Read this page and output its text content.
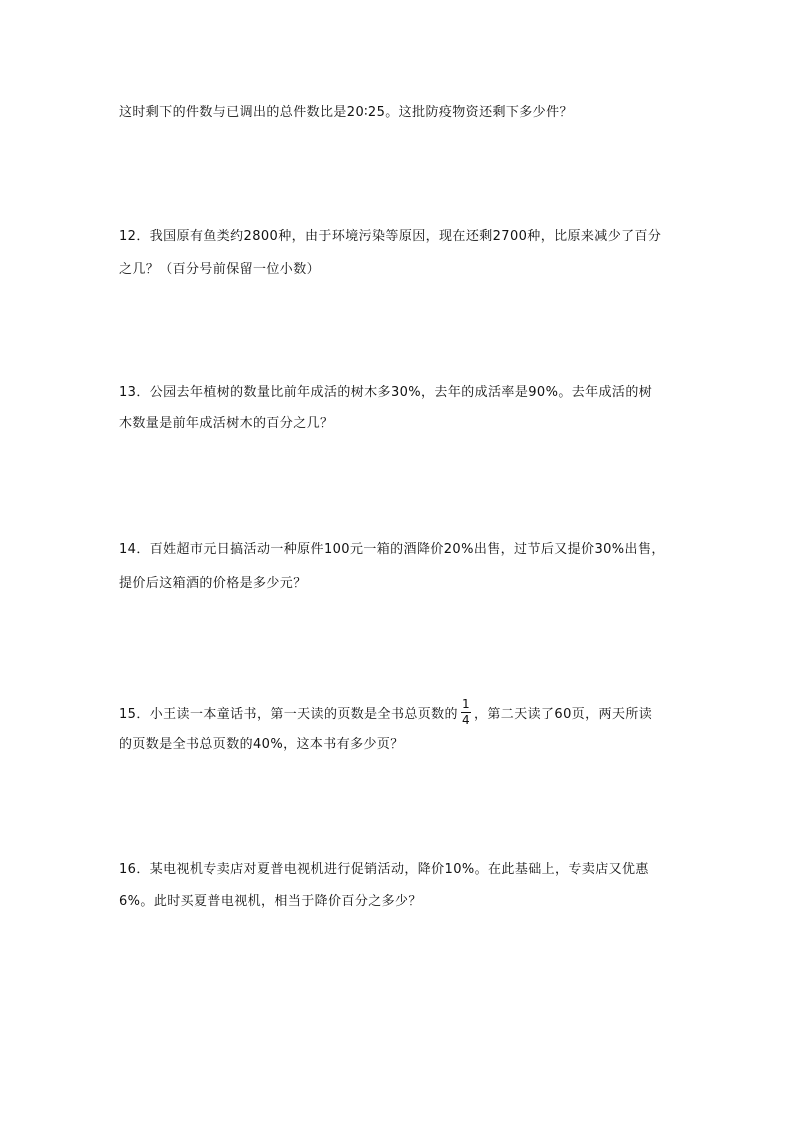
这时剩下的件数与已调出的总件数比是20∶25。这批防疫物资还剩下多少件？
12．我国原有鱼类约2800种，由于环境污染等原因，现在还剩2700种，比原来减少了百分
之几？（百分号前保留一位小数）
13．公园去年植树的数量比前年成活的树木多30%，去年的成活率是90%。去年成活的树
木数量是前年成活树木的百分之几？
14．百姓超市元日搞活动一种原件100元一箱的酒降价20%出售，过节后又提价30%出售，
提价后这箱酒的价格是多少元？
15．小王读一本童话书，第一天读的页数是全书总页数的 $\frac{1}{4}$ ，第二天读了60页，两天所读
的页数是全书总页数的40%，这本书有多少页？
16．某电视机专卖店对夏普电视机进行促销活动，降价10%。在此基础上，专卖店又优惠
6%。此时买夏普电视机，相当于降价百分之多少？
